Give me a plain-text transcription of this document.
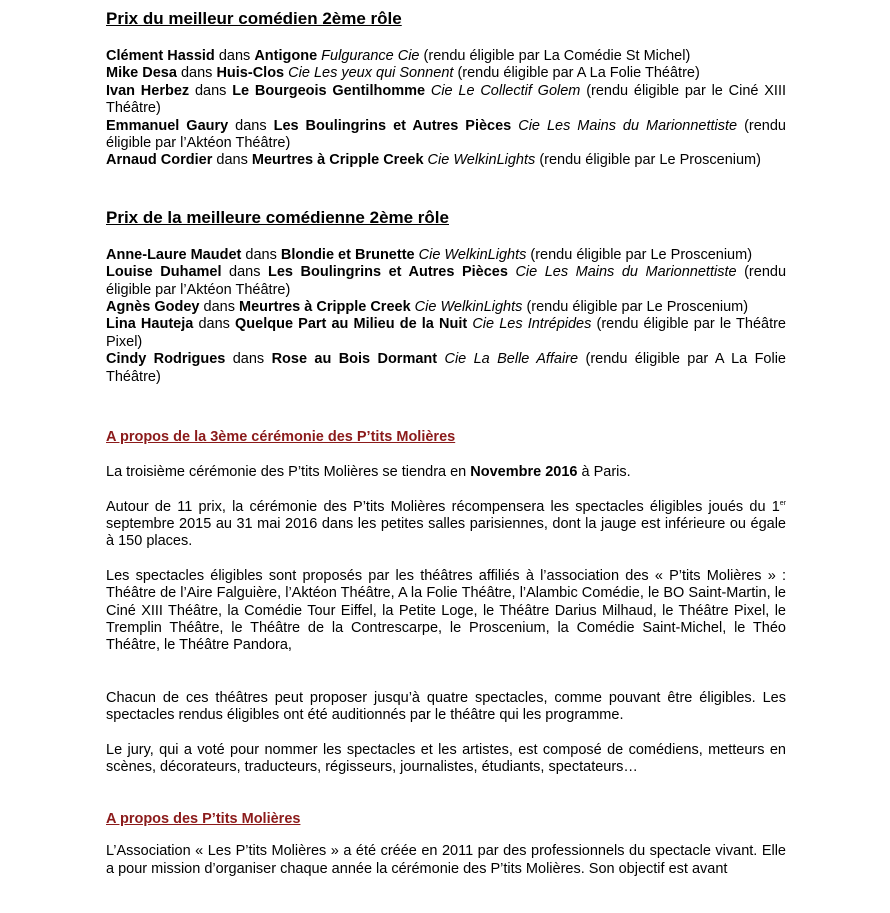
Prix du meilleur comédien 2ème rôle
Clément Hassid dans Antigone Fulgurance Cie (rendu éligible par La Comédie St Michel)
Mike Desa dans Huis-Clos Cie Les yeux qui Sonnent (rendu éligible par A La Folie Théâtre)
Ivan Herbez dans Le Bourgeois Gentilhomme Cie Le Collectif Golem (rendu éligible par le Ciné XIII Théâtre)
Emmanuel Gaury dans Les Boulingrins et Autres Pièces Cie Les Mains du Marionnettiste (rendu éligible par l’Aktéon Théâtre)
Arnaud Cordier dans Meurtres à Cripple Creek Cie WelkinLights (rendu éligible par Le Proscenium)
Prix de la meilleure comédienne 2ème rôle
Anne-Laure Maudet dans Blondie et Brunette Cie WelkinLights (rendu éligible par Le Proscenium)
Louise Duhamel dans Les Boulingrins et Autres Pièces Cie Les Mains du Marionnettiste (rendu éligible par l’Aktéon Théâtre)
Agnès Godey dans Meurtres à Cripple Creek Cie WelkinLights (rendu éligible par Le Proscenium)
Lina Hauteja dans Quelque Part au Milieu de la Nuit Cie Les Intrépides (rendu éligible par le Théâtre Pixel)
Cindy Rodrigues dans Rose au Bois Dormant Cie La Belle Affaire (rendu éligible par A La Folie Théâtre)
A propos de la 3ème cérémonie des P’tits Molières

La troisième cérémonie des P’tits Molières se tiendra en Novembre 2016 à Paris.

Autour de 11 prix, la cérémonie des P’tits Molières récompensera les spectacles éligibles joués du 1er septembre 2015 au 31 mai 2016 dans les petites salles parisiennes, dont la jauge est inférieure ou égale à 150 places.

Les spectacles éligibles sont proposés par les théâtres affiliés à l’association des « P’tits Molières » : Théâtre de l’Aire Falguière, l’Aktéon Théâtre, A la Folie Théâtre, l’Alambic Comédie, le BO Saint-Martin, le Ciné XIII Théâtre, la Comédie Tour Eiffel, la Petite Loge, le Théâtre Darius Milhaud, le Théâtre Pixel, le Tremplin Théâtre, le Théâtre de la Contrescarpe, le Proscenium, la Comédie Saint-Michel, le Théo Théâtre, le Théâtre Pandora,

Chacun de ces théâtres peut proposer jusqu’à quatre spectacles, comme pouvant être éligibles. Les spectacles rendus éligibles ont été auditionnés par le théâtre qui les programme.

Le jury, qui a voté pour nommer les spectacles et les artistes, est composé de comédiens, metteurs en scènes, décorateurs, traducteurs, régisseurs, journalistes, étudiants, spectateurs…

A propos des P’tits Molières

L’Association « Les P’tits Molières » a été créée en 2011 par des professionnels du spectacle vivant. Elle a pour mission d’organiser chaque année la cérémonie des P’tits Molières. Son objectif est avant
